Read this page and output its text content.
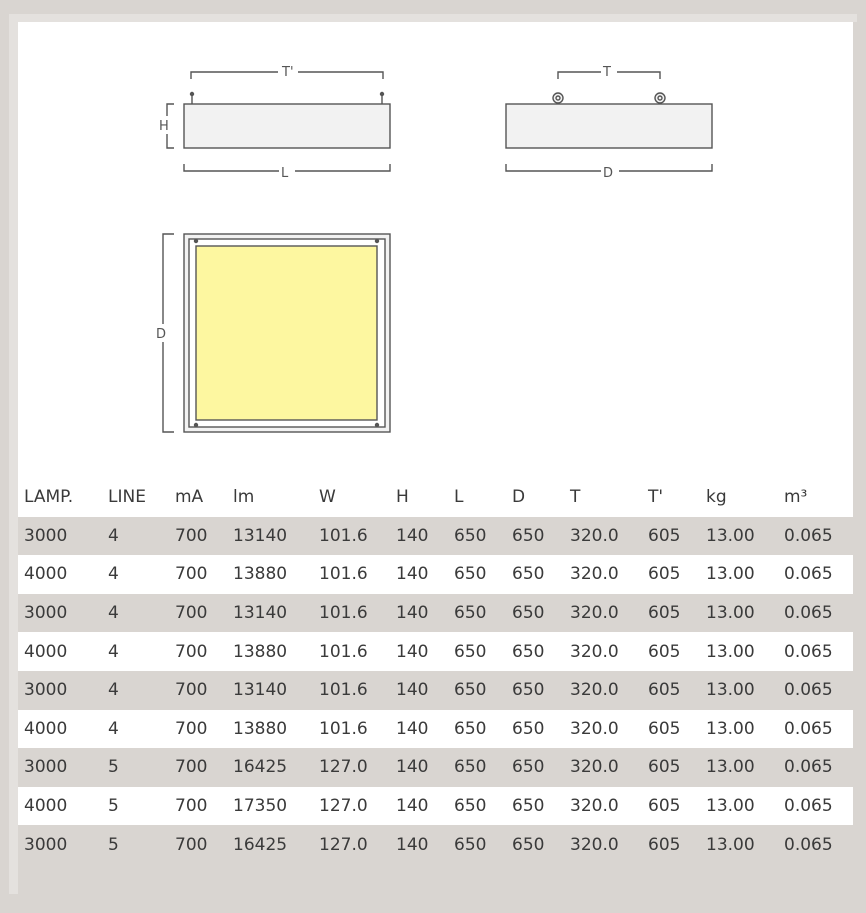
T'
H
L
T
D
D
LAMP.	LINE	mA	lm	W	H	L	D	T	T'	kg	m³
3000	4	700	13140	101.6	140	650	650	320.0	605	13.00	0.065
4000	4	700	13880	101.6	140	650	650	320.0	605	13.00	0.065
3000	4	700	13140	101.6	140	650	650	320.0	605	13.00	0.065
4000	4	700	13880	101.6	140	650	650	320.0	605	13.00	0.065
3000	4	700	13140	101.6	140	650	650	320.0	605	13.00	0.065
4000	4	700	13880	101.6	140	650	650	320.0	605	13.00	0.065
3000	5	700	16425	127.0	140	650	650	320.0	605	13.00	0.065
4000	5	700	17350	127.0	140	650	650	320.0	605	13.00	0.065
3000	5	700	16425	127.0	140	650	650	320.0	605	13.00	0.065
